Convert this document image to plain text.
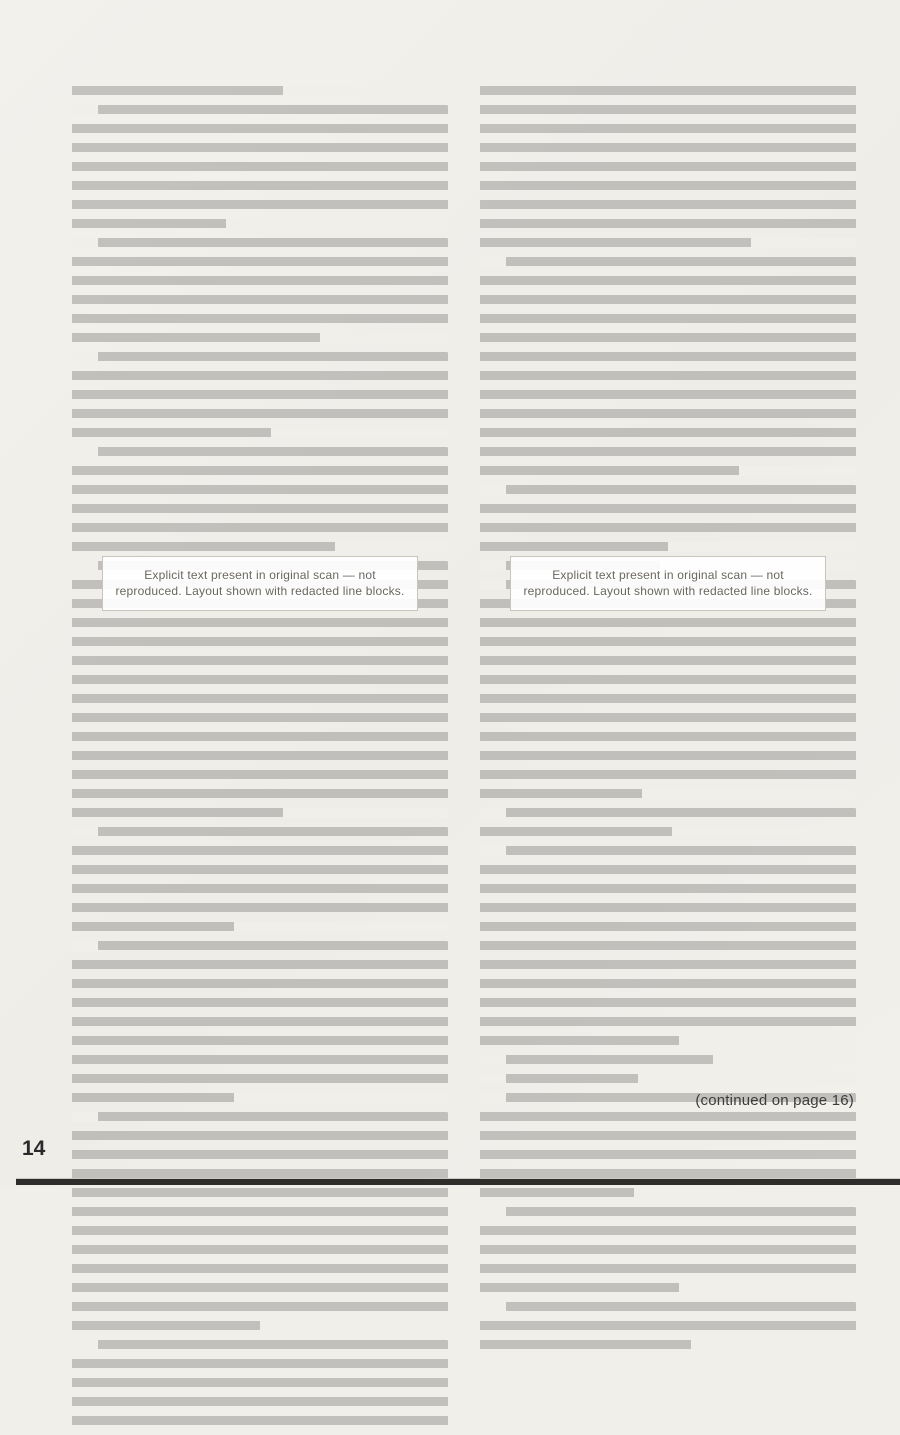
Explicit text present in original scan — not reproduced. Layout shown with redacted line blocks.
Explicit text present in original scan — not reproduced. Layout shown with redacted line blocks.
(continued on page 16)
14
